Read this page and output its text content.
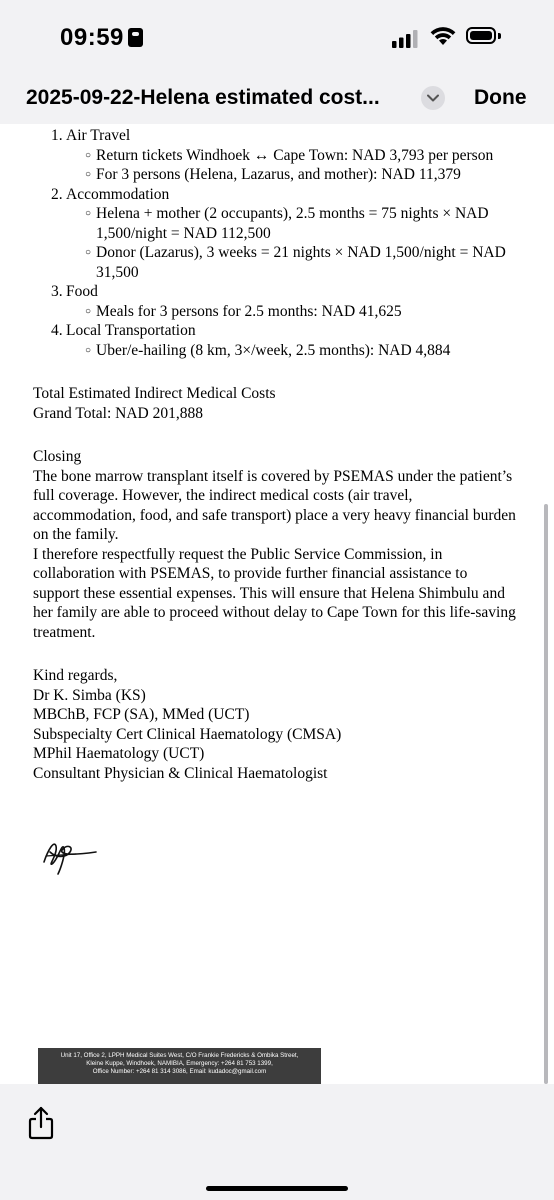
09:59
2025-09-22-Helena estimated cost...	Done
1. Air Travel
○ Return tickets Windhoek ↔ Cape Town: NAD 3,793 per person
○ For 3 persons (Helena, Lazarus, and mother): NAD 11,379
2. Accommodation
○ Helena + mother (2 occupants), 2.5 months = 75 nights × NAD 1,500/night = NAD 112,500
○ Donor (Lazarus), 3 weeks = 21 nights × NAD 1,500/night = NAD 31,500
3. Food
○ Meals for 3 persons for 2.5 months: NAD 41,625
4. Local Transportation
○ Uber/e-hailing (8 km, 3×/week, 2.5 months): NAD 4,884

Total Estimated Indirect Medical Costs

Grand Total: NAD 201,888

Closing

The bone marrow transplant itself is covered by PSEMAS under the patient’s full coverage. However, the indirect medical costs (air travel, accommodation, food, and safe transport) place a very heavy financial burden on the family.

I therefore respectfully request the Public Service Commission, in collaboration with PSEMAS, to provide further financial assistance to support these essential expenses. This will ensure that Helena Shimbulu and her family are able to proceed without delay to Cape Town for this life-saving treatment.

Kind regards,

Dr K. Simba (KS)

MBChB, FCP (SA), MMed (UCT)

Subspecialty Cert Clinical Haematology (CMSA)

MPhil Haematology (UCT)

Consultant Physician & Clinical Haematologist

Unit 17, Office 2, LPPH Medical Suites West, C/O Frankie Fredericks & Ombika Street,
Kleine Kuppe, Windhoek, NAMIBIA, Emergency: +264 81 753 1399,
Office Number: +264 81 314 3086, Email: kudadoc@gmail.com
